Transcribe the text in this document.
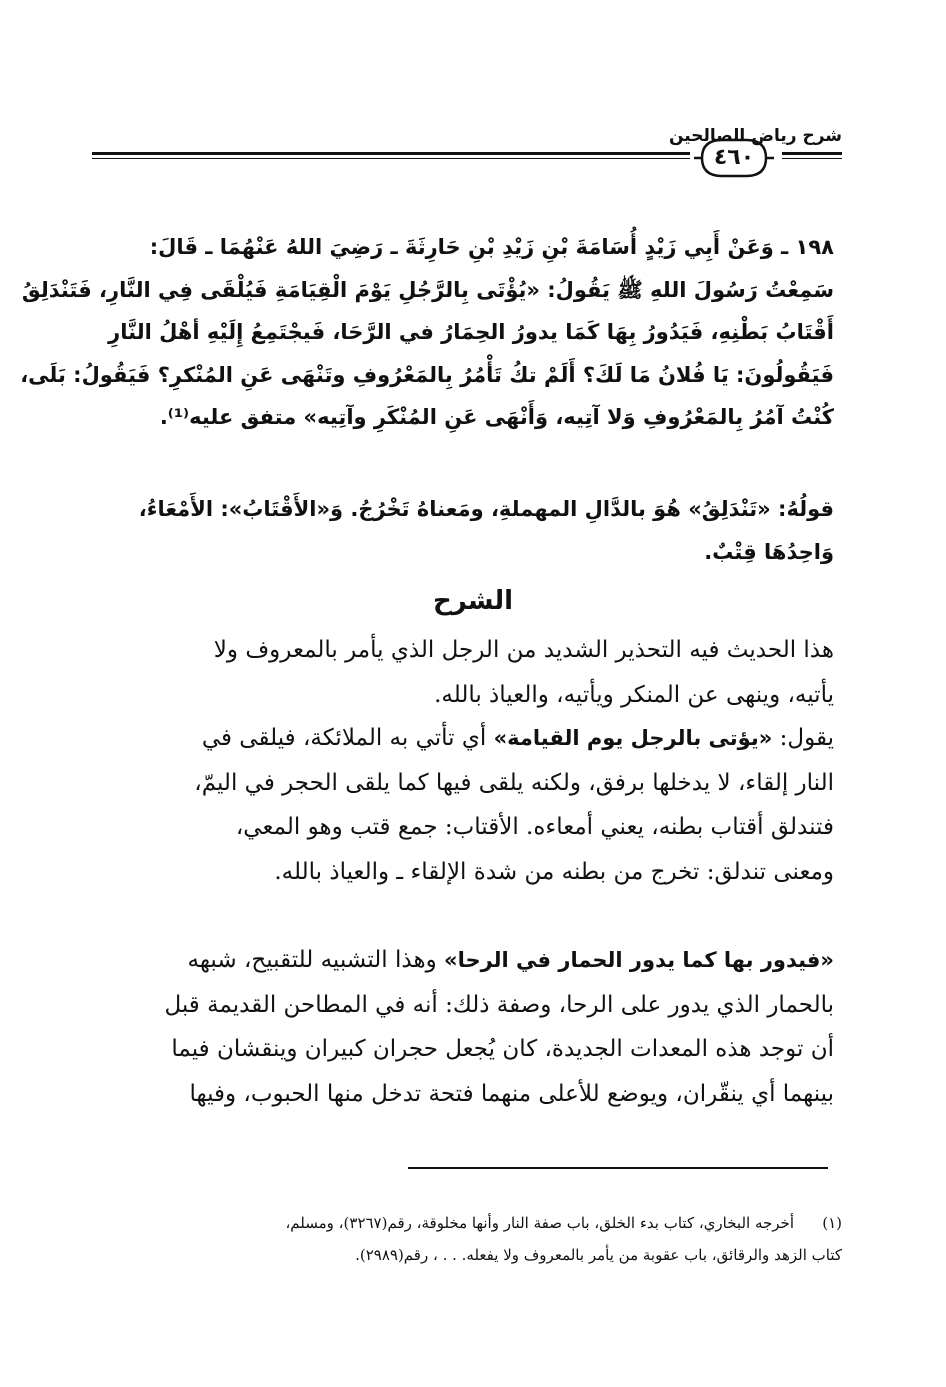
شرح رياض الصالحين
٤٦٠
١٩٨ ـ وَعَنْ أَبِي زَيْدٍ أُسَامَةَ بْنِ زَيْدِ بْنِ حَارِثَةَ ـ رَضِيَ اللهُ عَنْهُمَا ـ قَالَ:
سَمِعْتُ رَسُولَ اللهِ ﷺ يَقُولُ: «يُؤْتَى بِالرَّجُلِ يَوْمَ الْقِيَامَةِ فَيُلْقَى فِي النَّارِ، فَتَنْدَلِقُ
أَقْتَابُ بَطْنِهِ، فَيَدُورُ بِهَا كَمَا يدورُ الحِمَارُ في الرَّحَا، فَيجْتَمِعُ إِلَيْهِ أهْلُ النَّارِ
فَيَقُولُونَ: يَا فُلانُ مَا لَكَ؟ أَلَمْ تكُ تَأْمُرُ بِالمَعْرُوفِ وتَنْهَى عَنِ المُنْكرِ؟ فَيَقُولُ: بَلَى،
كُنْتُ آمُرُ بِالمَعْرُوفِ وَلا آتِيه، وَأَنْهَى عَنِ المُنْكَرِ وآتِيه» متفق عليه⁽¹⁾.
قولُهُ: «تَنْدَلِقُ» هُوَ بالدَّالِ المهملةِ، ومَعناهُ تَخْرُجُ. وَ«الأَقْتَابُ»: الأَمْعَاءُ،
وَاحِدُهَا قِتْبٌ.
الشرح
هذا الحديث فيه التحذير الشديد من الرجل الذي يأمر بالمعروف ولا
يأتيه، وينهى عن المنكر ويأتيه، والعياذ بالله.
يقول: «يؤتى بالرجل يوم القيامة» أي تأتي به الملائكة، فيلقى في
النار إلقاء، لا يدخلها برفق، ولكنه يلقى فيها كما يلقى الحجر في اليمّ،
فتندلق أقتاب بطنه، يعني أمعاءه. الأقتاب: جمع قتب وهو المعي،
ومعنى تندلق: تخرج من بطنه من شدة الإلقاء ـ والعياذ بالله.
«فيدور بها كما يدور الحمار في الرحا» وهذا التشبيه للتقبيح، شبهه
بالحمار الذي يدور على الرحا، وصفة ذلك: أنه في المطاحن القديمة قبل
أن توجد هذه المعدات الجديدة، كان يُجعل حجران كبيران وينقشان فيما
بينهما أي ينقّران، ويوضع للأعلى منهما فتحة تدخل منها الحبوب، وفيها
(١)أخرجه البخاري، كتاب بدء الخلق، باب صفة النار وأنها مخلوقة، رقم(٣٢٦٧)، ومسلم،
كتاب الزهد والرقائق، باب عقوبة من يأمر بالمعروف ولا يفعله. . . ، رقم(٢٩٨٩).
